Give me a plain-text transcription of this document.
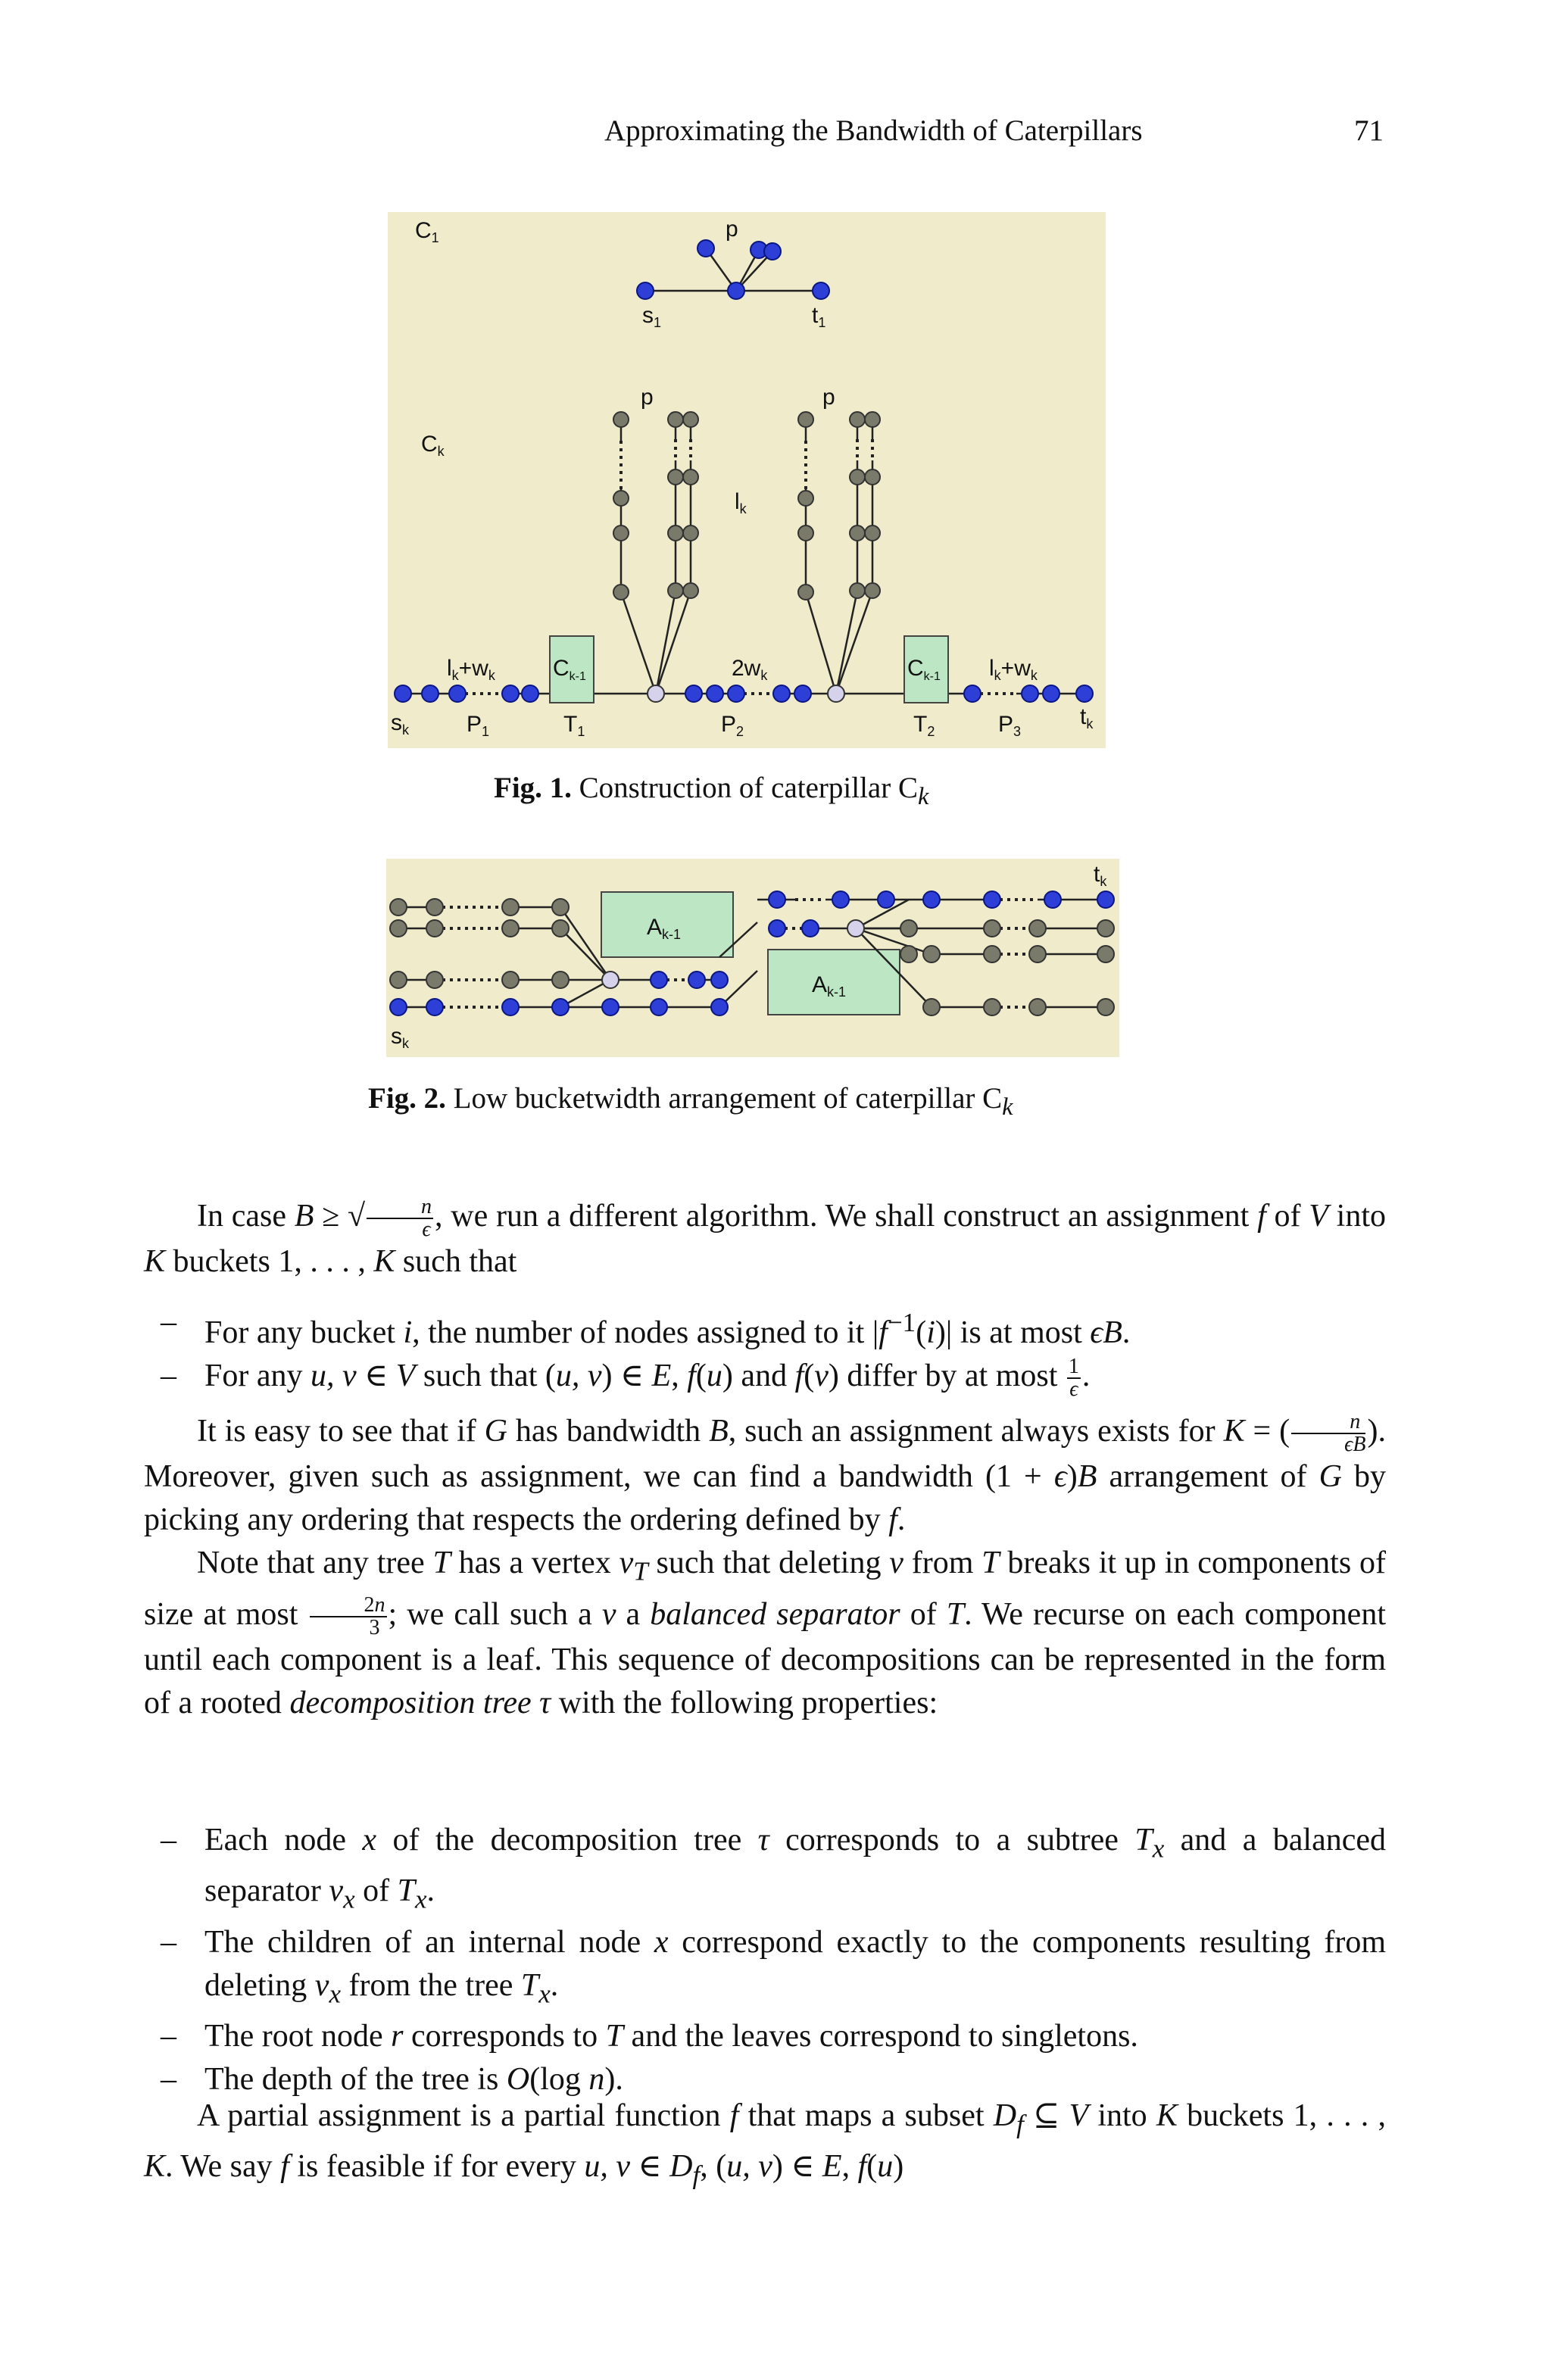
Approximating the Bandwidth of Caterpillars	71
$C_1$	p
$s_1$	$t_1$
$C_k$
p	p
$l_k$
$l_k+w_k$	$C_{k-1}$	$2w_k$	$C_{k-1}$ $l_k+w_k$
$s_k$	$P_1$	$T_1$	$P_2$	$T_2$	$P_3$
$t_k$
Fig. 1. Construction of caterpillar $C_k$
$A_{k-1}$
$A_{k-1}$
$s_k$
$t_k$
Fig. 2. Low bucketwidth arrangement of caterpillar $C_k$

In case B ≥ √ $\frac{n}{\epsilon}$ , we run a different algorithm. We shall construct an assignment f of V into K buckets 1, . . . , K such that

– For any bucket i, the number of nodes assigned to it $|f^{-1}(i)|$ is at most ϵB.
– For any u, v ∈ V such that (u, v) ∈ E, f(u) and f(v) differ by at most $\frac{1}{\epsilon}$ .

It is easy to see that if G has bandwidth B, such an assignment always exists for K = ( $\frac{n}{\epsilon B}$ ). Moreover, given such as assignment, we can find a bandwidth (1 + ϵ)B arrangement of G by picking any ordering that respects the ordering defined by f.

Note that any tree T has a vertex $v_T$ such that deleting v from T breaks it up in components of size at most $\frac{2n}{3}$ ; we call such a v a balanced separator of T. We recurse on each component until each component is a leaf. This sequence of decompositions can be represented in the form of a rooted decomposition tree τ with the following properties:

– Each node x of the decomposition tree τ corresponds to a subtree $T_x$ and a balanced separator $v_x$ of $T_x$.
– The children of an internal node x correspond exactly to the components resulting from deleting $v_x$ from the tree $T_x$.
– The root node r corresponds to T and the leaves correspond to singletons.
– The depth of the tree is O(log n).

A partial assignment is a partial function f that maps a subset $D_f$ ⊆ V into K buckets 1, . . . , K. We say f is feasible if for every u, v ∈ $D_f$, (u, v) ∈ E, f(u)
